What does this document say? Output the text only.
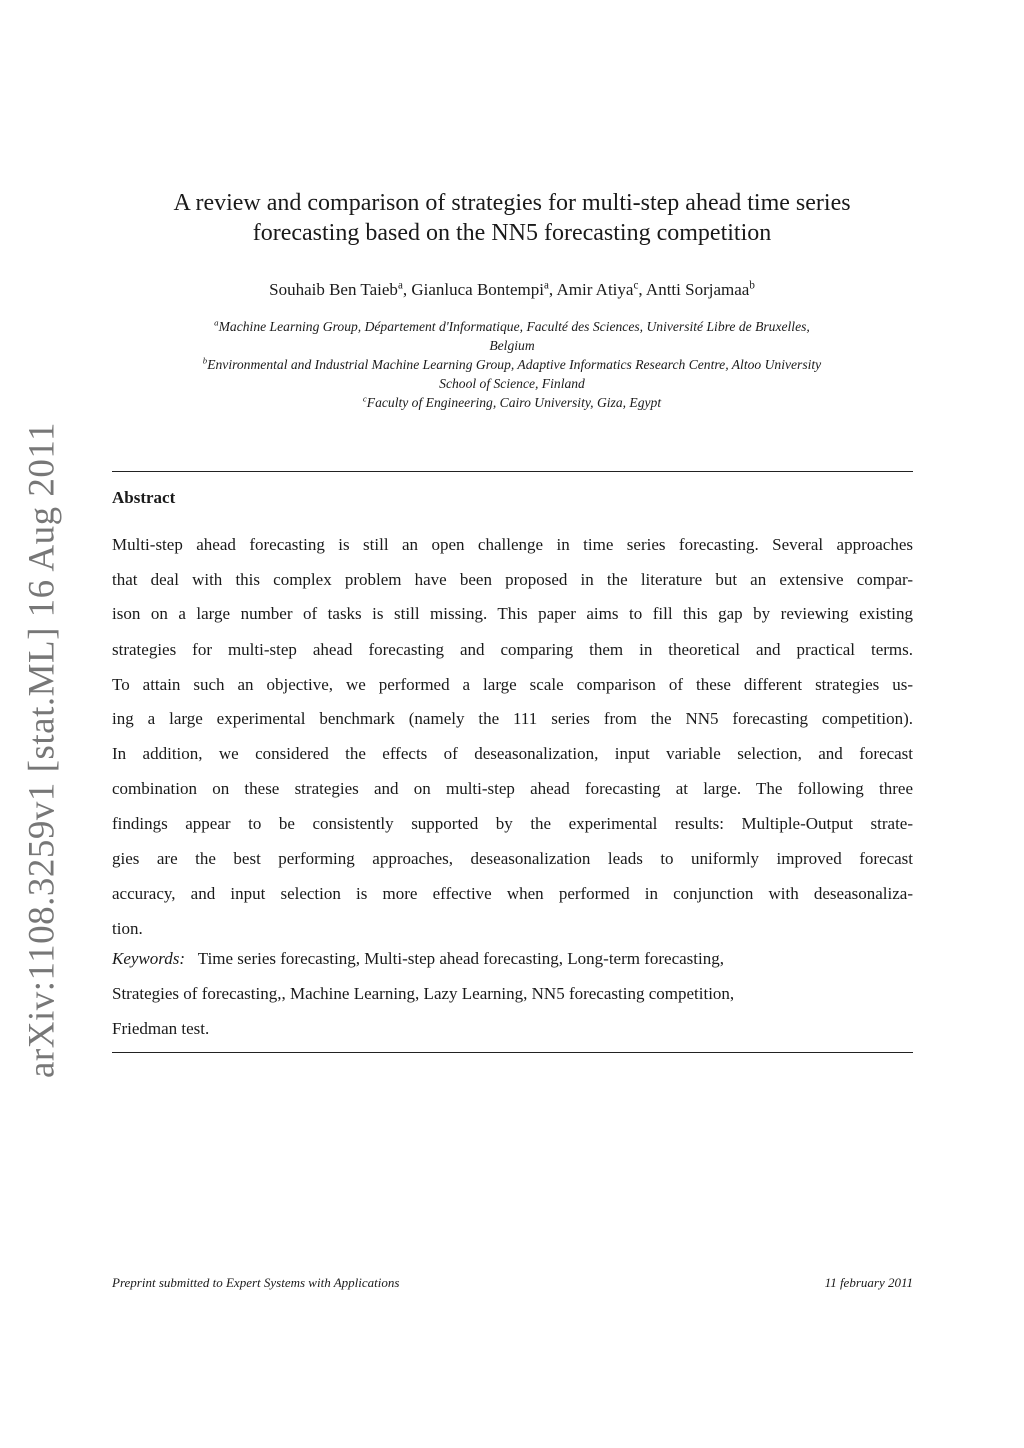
arXiv:1108.3259v1 [stat.ML] 16 Aug 2011
A review and comparison of strategies for multi-step ahead time series
forecasting based on the NN5 forecasting competition
Souhaib Ben Taieb$^a$, Gianluca Bontempi$^a$, Amir Atiya$^c$, Antti Sorjamaa$^b$
$^a$Machine Learning Group, Département d'Informatique, Faculté des Sciences, Université Libre de Bruxelles,
Belgium
$^b$Environmental and Industrial Machine Learning Group, Adaptive Informatics Research Centre, Altoo University
School of Science, Finland
$^c$Faculty of Engineering, Cairo University, Giza, Egypt
Abstract
Multi-step ahead forecasting is still an open challenge in time series forecasting. Several approaches
that deal with this complex problem have been proposed in the literature but an extensive compar-
ison on a large number of tasks is still missing. This paper aims to fill this gap by reviewing existing
strategies for multi-step ahead forecasting and comparing them in theoretical and practical terms.
To attain such an objective, we performed a large scale comparison of these different strategies us-
ing a large experimental benchmark (namely the 111 series from the NN5 forecasting competition).
In addition, we considered the effects of deseasonalization, input variable selection, and forecast
combination on these strategies and on multi-step ahead forecasting at large. The following three
findings appear to be consistently supported by the experimental results: Multiple-Output strate-
gies are the best performing approaches, deseasonalization leads to uniformly improved forecast
accuracy, and input selection is more effective when performed in conjunction with deseasonaliza-
tion.
Keywords: Time series forecasting, Multi-step ahead forecasting, Long-term forecasting,
Strategies of forecasting,, Machine Learning, Lazy Learning, NN5 forecasting competition,
Friedman test.
Preprint submitted to Expert Systems with Applications	11 february 2011
